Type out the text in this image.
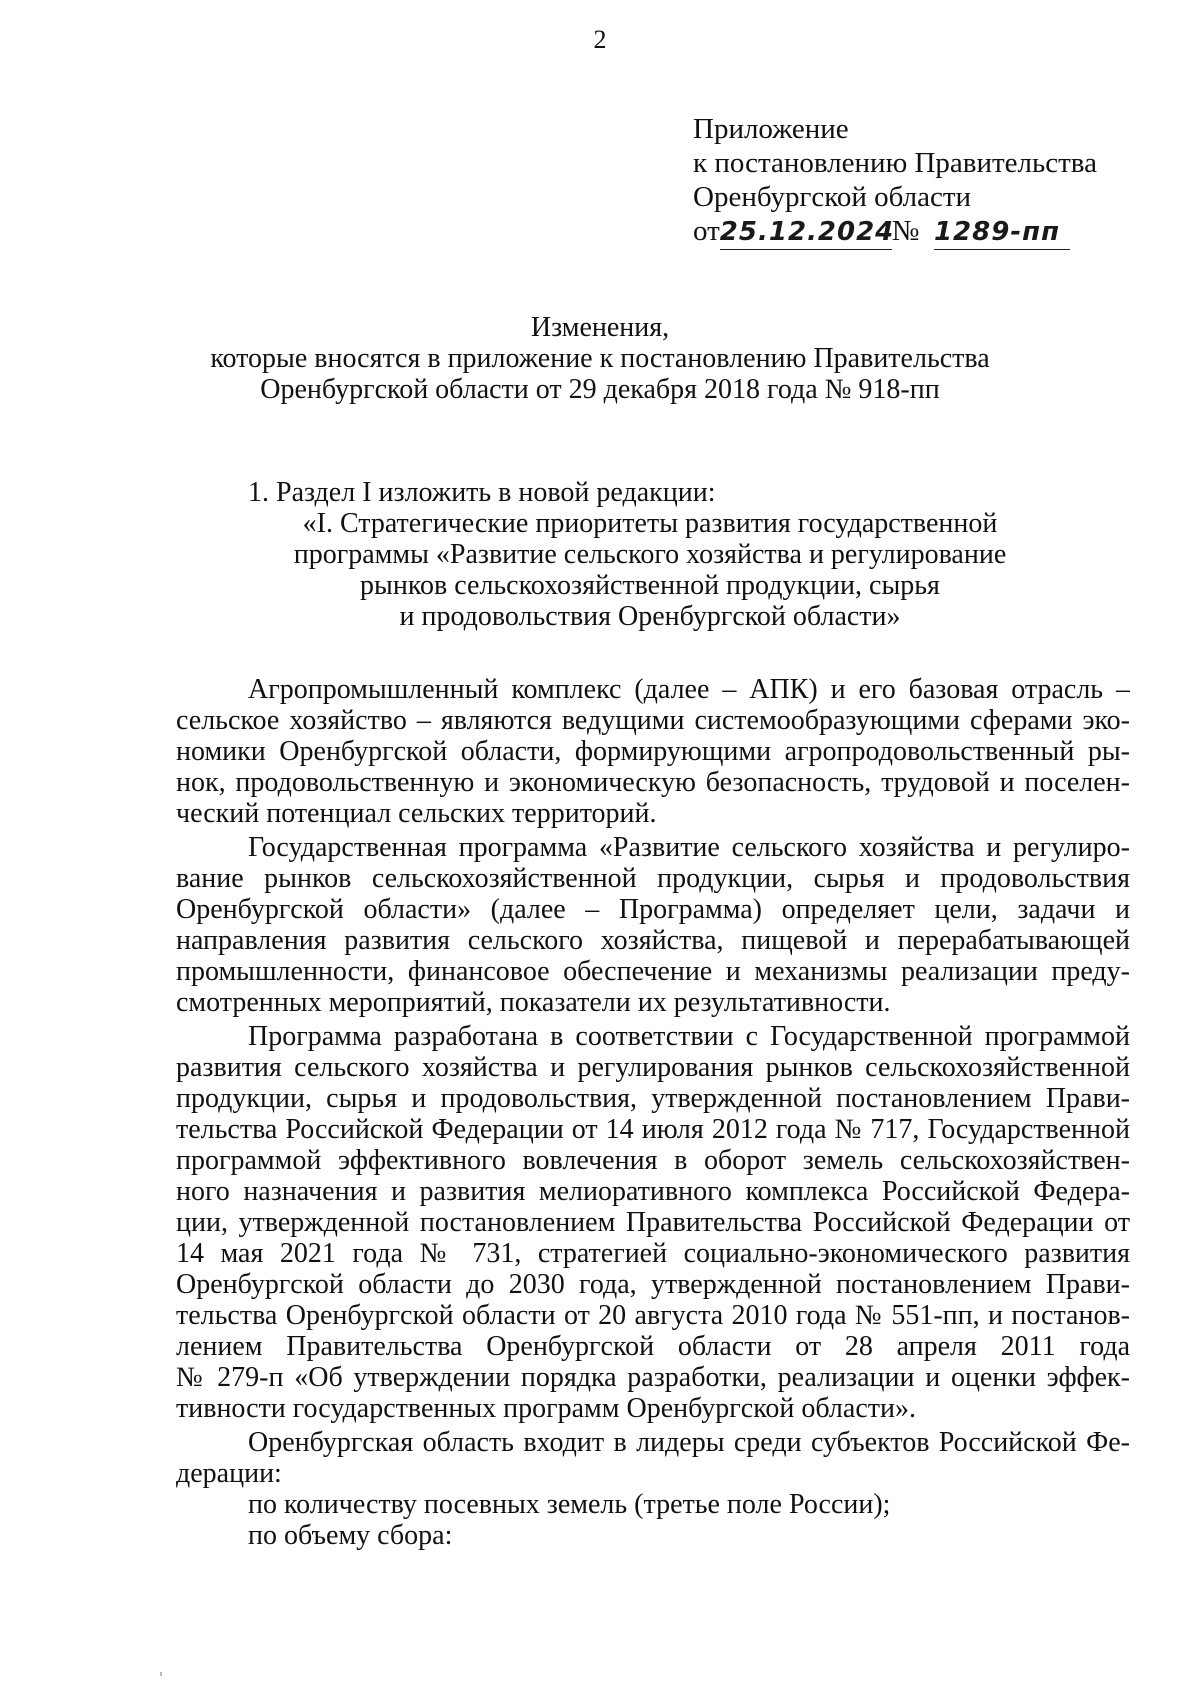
2
Приложение
к постановлению Правительства
Оренбургской области
от25.12.2024№ 1289-пп
Изменения,
которые вносятся в приложение к постановлению Правительства
Оренбургской области от 29 декабря 2018 года № 918-пп
1. Раздел I изложить в новой редакции:
«I. Стратегические приоритеты развития государственной
программы «Развитие сельского хозяйства и регулирование
рынков сельскохозяйственной продукции, сырья
и продовольствия Оренбургской области»
Агропромышленный комплекс (далее – АПК) и его базовая отрасль –
сельское хозяйство – являются ведущими системообразующими сферами эко-
номики Оренбургской области, формирующими агропродовольственный ры-
нок, продовольственную и экономическую безопасность, трудовой и поселен-
ческий потенциал сельских территорий.
Государственная программа «Развитие сельского хозяйства и регулиро-
вание рынков сельскохозяйственной продукции, сырья и продовольствия
Оренбургской области» (далее – Программа) определяет цели, задачи и
направления развития сельского хозяйства, пищевой и перерабатывающей
промышленности, финансовое обеспечение и механизмы реализации преду-
смотренных мероприятий, показатели их результативности.
Программа разработана в соответствии с Государственной программой
развития сельского хозяйства и регулирования рынков сельскохозяйственной
продукции, сырья и продовольствия, утвержденной постановлением Прави-
тельства Российской Федерации от 14 июля 2012 года № 717, Государственной
программой эффективного вовлечения в оборот земель сельскохозяйствен-
ного назначения и развития мелиоративного комплекса Российской Федера-
ции, утвержденной постановлением Правительства Российской Федерации от
14 мая 2021 года № 731, стратегией социально-экономического развития
Оренбургской области до 2030 года, утвержденной постановлением Прави-
тельства Оренбургской области от 20 августа 2010 года № 551-пп, и постанов-
лением Правительства Оренбургской области от 28 апреля 2011 года
№ 279-п «Об утверждении порядка разработки, реализации и оценки эффек-
тивности государственных программ Оренбургской области».
Оренбургская область входит в лидеры среди субъектов Российской Фе-
дерации:
по количеству посевных земель (третье поле России);
по объему сбора:
